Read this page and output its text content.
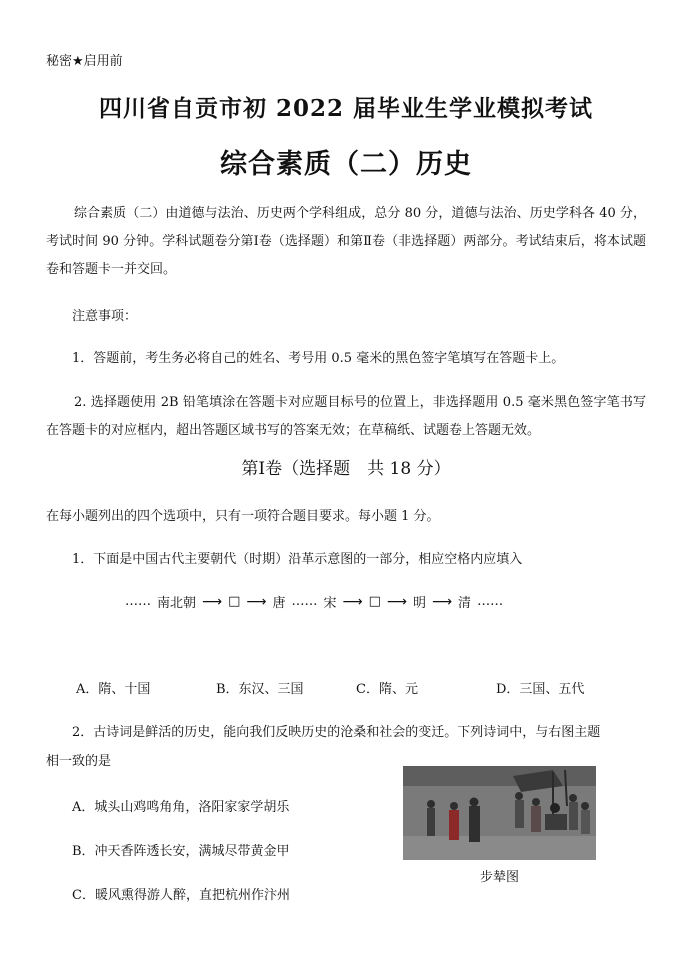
秘密★启用前
四川省自贡市初 2022 届毕业生学业模拟考试
综合素质（二）历史
综合素质（二）由道德与法治、历史两个学科组成，总分 80 分，道德与法治、历史学科各 40 分，考试时间 90 分钟。学科试题卷分第Ⅰ卷（选择题）和第Ⅱ卷（非选择题）两部分。考试结束后，将本试题卷和答题卡一并交回。
注意事项：
1．答题前，考生务必将自己的姓名、考号用 0.5 毫米的黑色签字笔填写在答题卡上。
2. 选择题使用 2B 铅笔填涂在答题卡对应题目标号的位置上，非选择题用 0.5 毫米黑色签字笔书写在答题卡的对应框内，超出答题区域书写的答案无效；在草稿纸、试题卷上答题无效。
第Ⅰ卷（选择题　共 18 分）
在每小题列出的四个选项中，只有一项符合题目要求。每小题 1 分。
1．下面是中国古代主要朝代（时期）沿革示意图的一部分，相应空格内应填入
…… 南北朝 ⟶ □ ⟶ 唐 …… 宋 ⟶ □ ⟶ 明 ⟶ 清 ……
A．隋、十国	B．东汉、三国	C．隋、元	D．三国、五代
2．古诗词是鲜活的历史，能向我们反映历史的沧桑和社会的变迁。下列诗词中，与右图主题
相一致的是
A．城头山鸡鸣角角，洛阳家家学胡乐
B．冲天香阵透长安，满城尽带黄金甲
C．暖风熏得游人醉，直把杭州作汴州
步辇图
